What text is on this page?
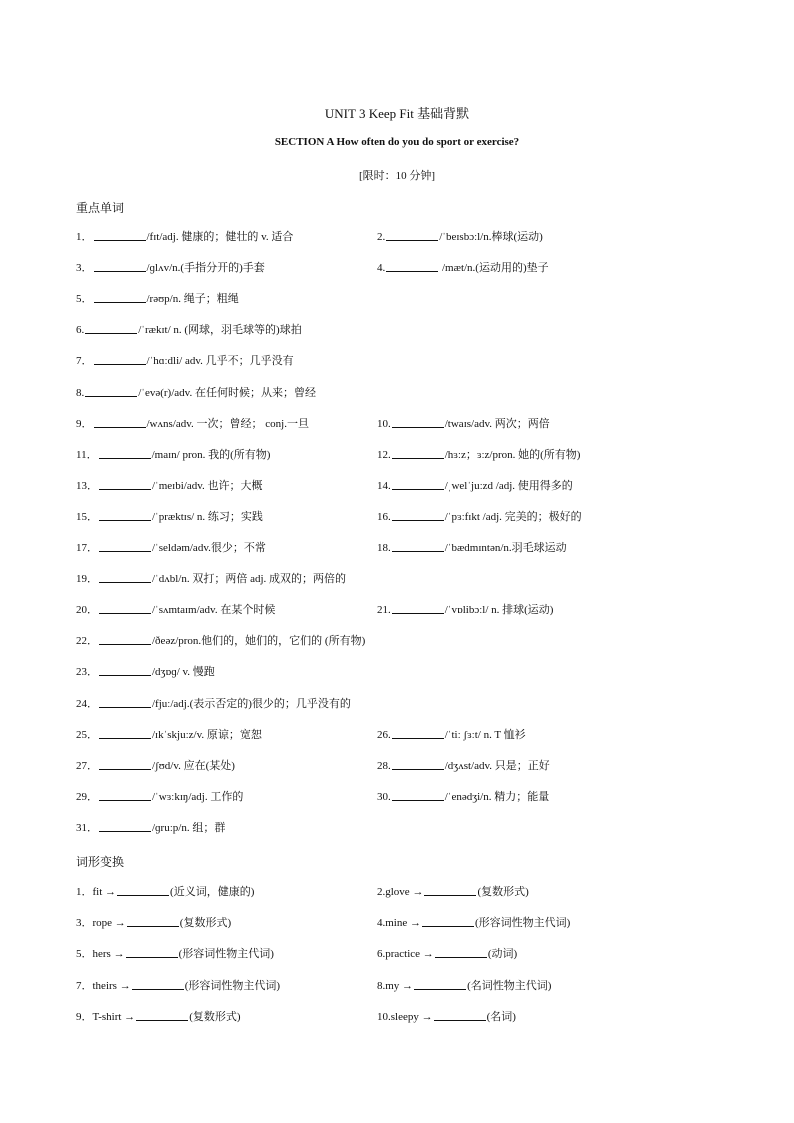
UNIT 3 Keep Fit 基础背默
SECTION A How often do you do sport or exercise?
[限时：10 分钟]
重点单词
1．	/fɪt/adj. 健康的；健壮的 v. 适合	2.	/ˈbeɪsbɔːl/n.棒球(运动)
3．	/ɡlʌv/n.(手指分开的)手套	4.	/mæt/n.(运动用的)垫子
5．	/rəʊp/n. 绳子；粗绳
6.	/ˈrækɪt/ n. (网球，羽毛球等的)球拍
7．	/ˈhɑːdli/ adv. 几乎不；几乎没有
8.	/ˈevə(r)/adv. 在任何时候；从来；曾经
9．	/wʌns/adv. 一次；曾经； conj.一旦	10.	/twaɪs/adv. 两次；两倍
11．	/maɪn/ pron. 我的(所有物)	12.	/hɜːz；ɜːz/pron. 她的(所有物)
13．	/ˈmeɪbi/adv. 也许；大概	14.	/ˌwelˈjuːzd /adj. 使用得多的
15．	/ˈpræktɪs/ n. 练习；实践	16.	/ˈpɜːfɪkt /adj. 完美的；极好的
17．	/ˈseldəm/adv.很少；不常	18.	/ˈbædmɪntən/n.羽毛球运动
19．	/ˈdʌbl/n. 双打；两倍 adj. 成双的；两倍的
20．	/ˈsʌmtaɪm/adv. 在某个时候	21.	/ˈvɒlibɔːl/ n. 排球(运动)
22．	/ðeəz/pron.他们的，她们的，它们的 (所有物)
23．	/dʒɒɡ/ v. 慢跑
24．	/fjuː/adj.(表示否定的)很少的；几乎没有的
25．	/ɪkˈskjuːz/v. 原谅；宽恕	26.	/ˈtiː ʃɜːt/ n. T 恤衫
27．	/ʃʊd/v. 应在(某处)	28.	/dʒʌst/adv. 只是；正好
29．	/ˈwɜːkɪŋ/adj. 工作的	30.	/ˈenədʒi/n. 精力；能量
31．	/ɡruːp/n. 组；群
词形变换
1．fit →	(近义词，健康的)	2.glove →	(复数形式)
3．rope →	(复数形式)	4.mine →	(形容词性物主代词)
5．hers →	(形容词性物主代词)	6.practice →	(动词)
7．theirs →	(形容词性物主代词)	8.my →	(名词性物主代词)
9．T-shirt →	(复数形式)	10.sleepy →	(名词)
